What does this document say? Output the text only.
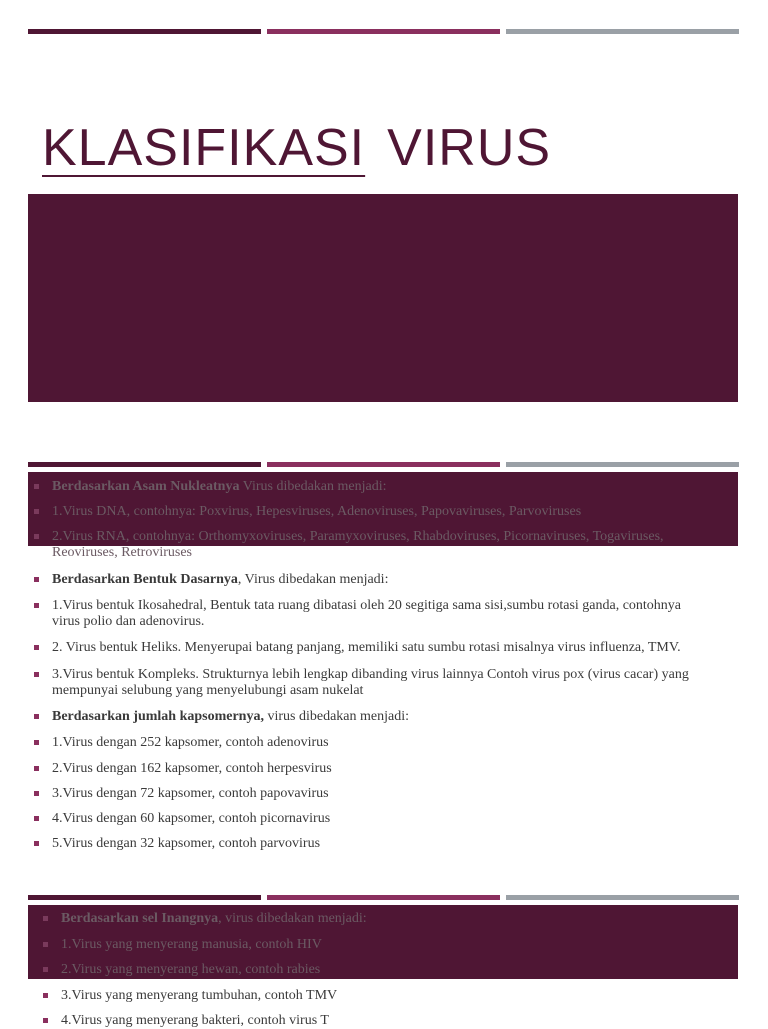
KLASIFIKASI VIRUS
Berdasarkan Asam Nukleatnya Virus dibedakan menjadi:
1.Virus DNA, contohnya: Poxvirus, Hepesviruses, Adenoviruses, Papovaviruses, Parvoviruses
2.Virus RNA, contohnya: Orthomyxoviruses, Paramyxoviruses, Rhabdoviruses, Picornaviruses, Togaviruses, Reoviruses, Retroviruses
Berdasarkan Bentuk Dasarnya, Virus dibedakan menjadi:
1.Virus bentuk Ikosahedral, Bentuk tata ruang dibatasi oleh 20 segitiga sama sisi,sumbu rotasi ganda, contohnya virus polio dan adenovirus.
2. Virus bentuk Heliks. Menyerupai batang panjang, memiliki satu sumbu rotasi misalnya virus influenza, TMV.
3.Virus bentuk Kompleks. Strukturnya lebih lengkap dibanding virus lainnya Contoh virus pox (virus cacar) yang mempunyai selubung yang menyelubungi asam nukelat
Berdasarkan jumlah kapsomernya, virus dibedakan menjadi:
1.Virus dengan 252 kapsomer, contoh adenovirus
2.Virus dengan 162 kapsomer, contoh herpesvirus
3.Virus dengan 72 kapsomer, contoh papovavirus
4.Virus dengan 60 kapsomer, contoh picornavirus
5.Virus dengan 32 kapsomer, contoh parvovirus
Berdasarkan sel Inangnya, virus dibedakan menjadi:
1.Virus yang menyerang manusia, contoh HIV
2.Virus yang menyerang hewan, contoh rabies
3.Virus yang menyerang tumbuhan, contoh TMV
4.Virus yang menyerang bakteri, contoh virus T
